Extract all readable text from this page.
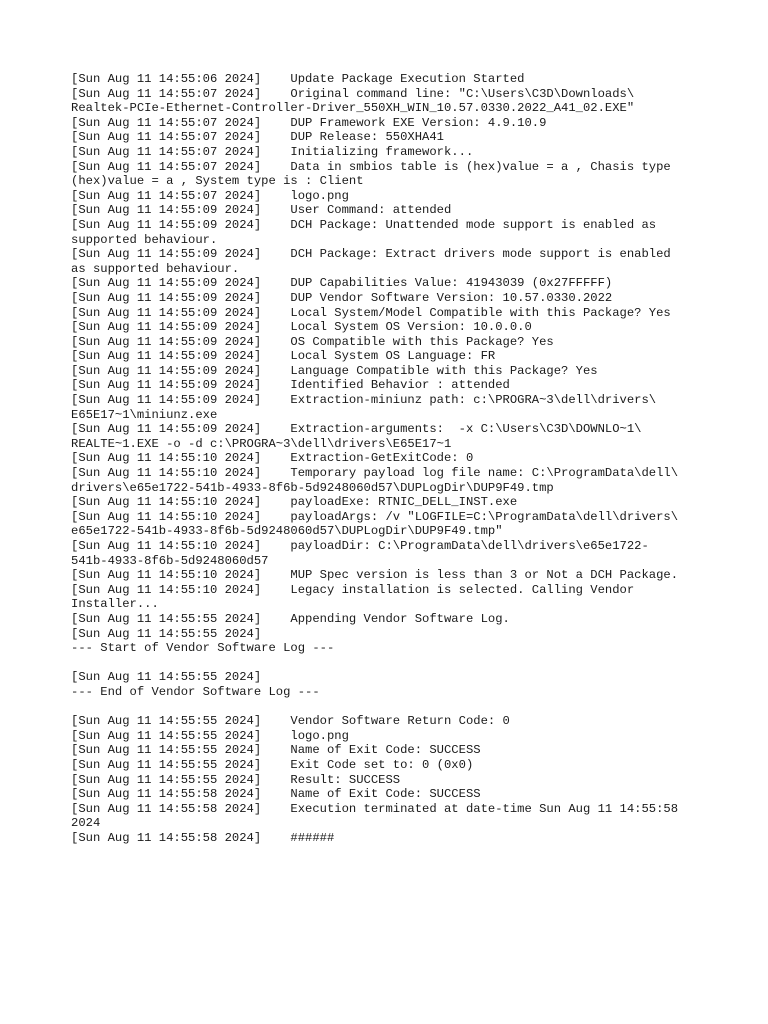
[Sun Aug 11 14:55:06 2024]    Update Package Execution Started
[Sun Aug 11 14:55:07 2024]    Original command line: "C:\Users\C3D\Downloads\
Realtek-PCIe-Ethernet-Controller-Driver_550XH_WIN_10.57.0330.2022_A41_02.EXE"
[Sun Aug 11 14:55:07 2024]    DUP Framework EXE Version: 4.9.10.9
[Sun Aug 11 14:55:07 2024]    DUP Release: 550XHA41
[Sun Aug 11 14:55:07 2024]    Initializing framework...
[Sun Aug 11 14:55:07 2024]    Data in smbios table is (hex)value = a , Chasis type
(hex)value = a , System type is : Client
[Sun Aug 11 14:55:07 2024]    logo.png
[Sun Aug 11 14:55:09 2024]    User Command: attended
[Sun Aug 11 14:55:09 2024]    DCH Package: Unattended mode support is enabled as
supported behaviour.
[Sun Aug 11 14:55:09 2024]    DCH Package: Extract drivers mode support is enabled
as supported behaviour.
[Sun Aug 11 14:55:09 2024]    DUP Capabilities Value: 41943039 (0x27FFFFF)
[Sun Aug 11 14:55:09 2024]    DUP Vendor Software Version: 10.57.0330.2022
[Sun Aug 11 14:55:09 2024]    Local System/Model Compatible with this Package? Yes
[Sun Aug 11 14:55:09 2024]    Local System OS Version: 10.0.0.0
[Sun Aug 11 14:55:09 2024]    OS Compatible with this Package? Yes
[Sun Aug 11 14:55:09 2024]    Local System OS Language: FR
[Sun Aug 11 14:55:09 2024]    Language Compatible with this Package? Yes
[Sun Aug 11 14:55:09 2024]    Identified Behavior : attended
[Sun Aug 11 14:55:09 2024]    Extraction-miniunz path: c:\PROGRA~3\dell\drivers\
E65E17~1\miniunz.exe
[Sun Aug 11 14:55:09 2024]    Extraction-arguments:  -x C:\Users\C3D\DOWNLO~1\
REALTE~1.EXE -o -d c:\PROGRA~3\dell\drivers\E65E17~1
[Sun Aug 11 14:55:10 2024]    Extraction-GetExitCode: 0
[Sun Aug 11 14:55:10 2024]    Temporary payload log file name: C:\ProgramData\dell\
drivers\e65e1722-541b-4933-8f6b-5d9248060d57\DUPLogDir\DUP9F49.tmp
[Sun Aug 11 14:55:10 2024]    payloadExe: RTNIC_DELL_INST.exe
[Sun Aug 11 14:55:10 2024]    payloadArgs: /v "LOGFILE=C:\ProgramData\dell\drivers\
e65e1722-541b-4933-8f6b-5d9248060d57\DUPLogDir\DUP9F49.tmp"
[Sun Aug 11 14:55:10 2024]    payloadDir: C:\ProgramData\dell\drivers\e65e1722-
541b-4933-8f6b-5d9248060d57
[Sun Aug 11 14:55:10 2024]    MUP Spec version is less than 3 or Not a DCH Package.
[Sun Aug 11 14:55:10 2024]    Legacy installation is selected. Calling Vendor
Installer...
[Sun Aug 11 14:55:55 2024]    Appending Vendor Software Log.
[Sun Aug 11 14:55:55 2024]
--- Start of Vendor Software Log ---
[Sun Aug 11 14:55:55 2024]
--- End of Vendor Software Log ---
[Sun Aug 11 14:55:55 2024]    Vendor Software Return Code: 0
[Sun Aug 11 14:55:55 2024]    logo.png
[Sun Aug 11 14:55:55 2024]    Name of Exit Code: SUCCESS
[Sun Aug 11 14:55:55 2024]    Exit Code set to: 0 (0x0)
[Sun Aug 11 14:55:55 2024]    Result: SUCCESS
[Sun Aug 11 14:55:58 2024]    Name of Exit Code: SUCCESS
[Sun Aug 11 14:55:58 2024]    Execution terminated at date-time Sun Aug 11 14:55:58
2024
[Sun Aug 11 14:55:58 2024]    ######
